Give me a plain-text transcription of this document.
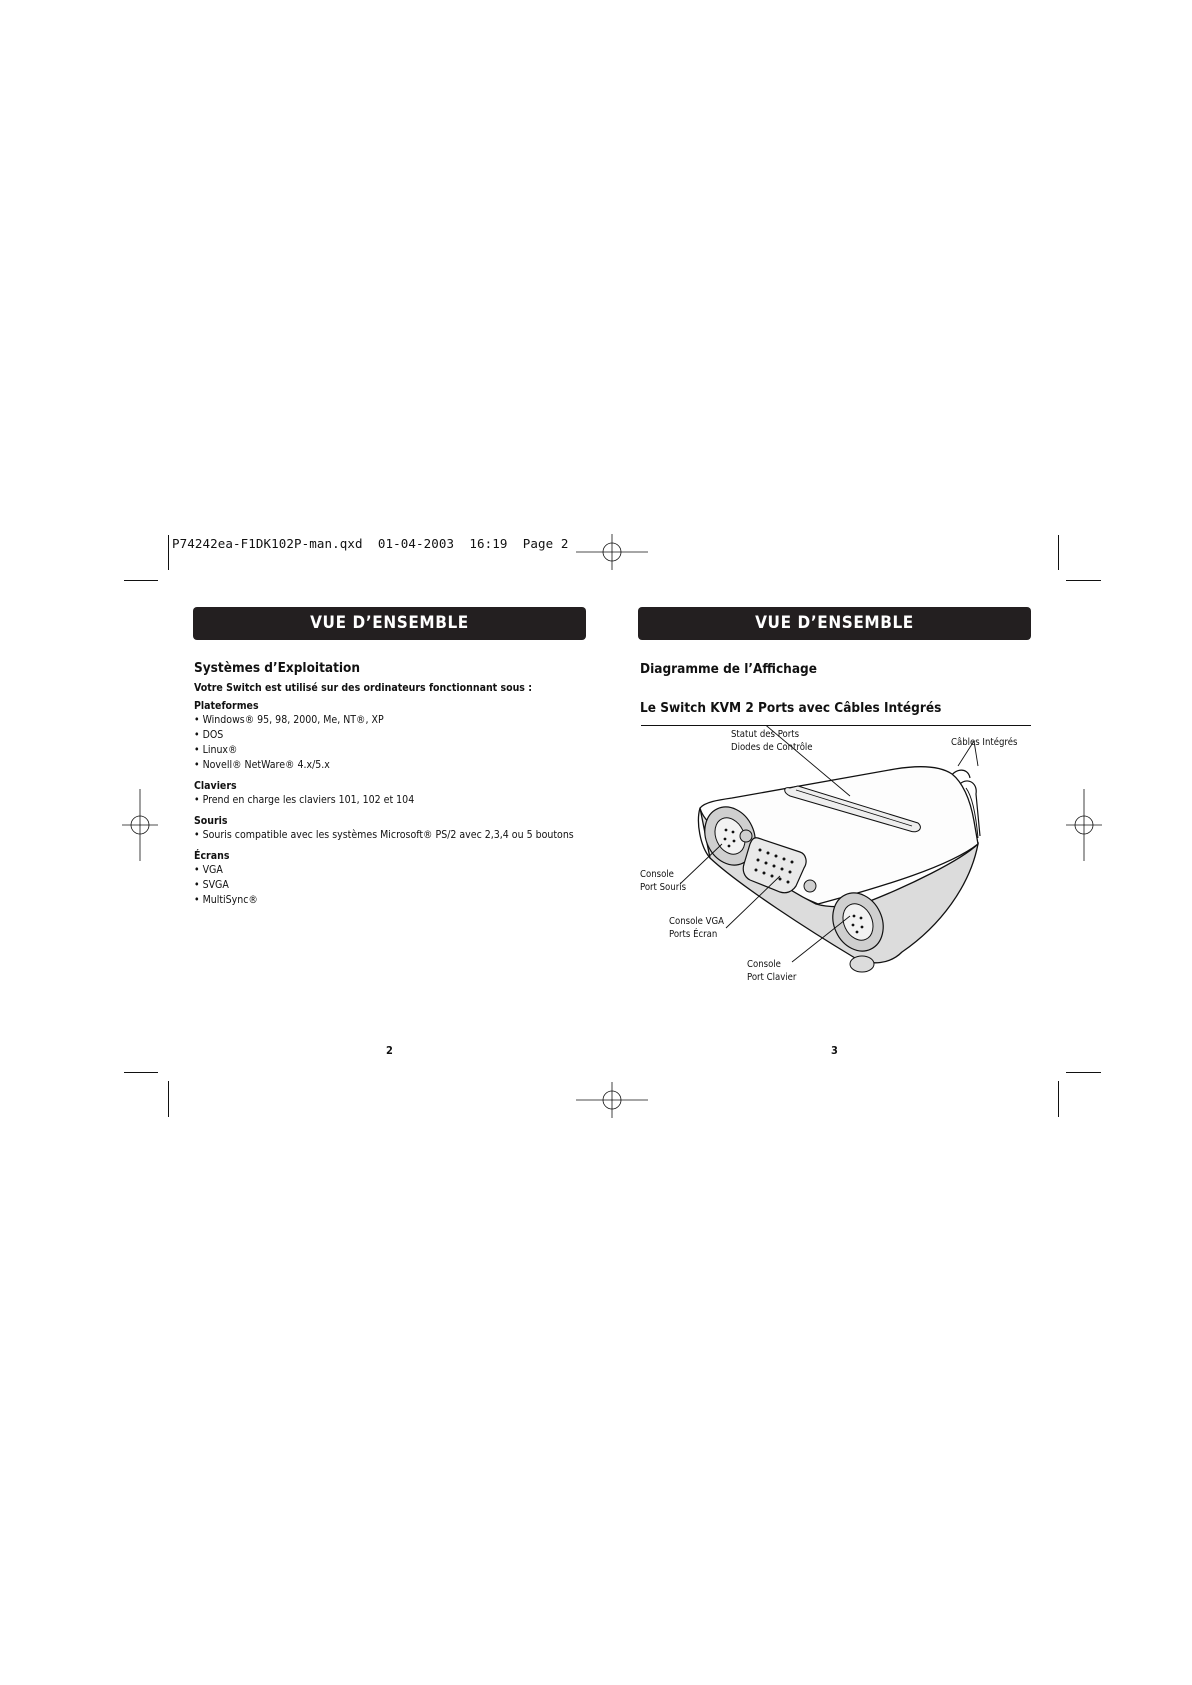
P74242ea-F1DK102P-man.qxd  01-04-2003  16:19  Page 2
VUE D’ENSEMBLE
Systèmes d’Exploitation
Votre Switch est utilisé sur des ordinateurs fonctionnant sous :
Plateformes
• Windows® 95, 98, 2000, Me, NT®, XP
• DOS
• Linux®
• Novell® NetWare® 4.x/5.x
Claviers
• Prend en charge les claviers 101, 102 et 104
Souris
• Souris compatible avec les systèmes Microsoft® PS/2 avec 2,3,4 ou 5 boutons
Écrans
• VGA
• SVGA
• MultiSync®
2
VUE D’ENSEMBLE
Diagramme de l’Affichage
Le Switch KVM 2 Ports avec Câbles Intégrés
Statut des Ports
Diodes de Contrôle	Câbles Intégrés
Console
Port Souris
Console VGA
Ports Écran
Console
Port Clavier
3
